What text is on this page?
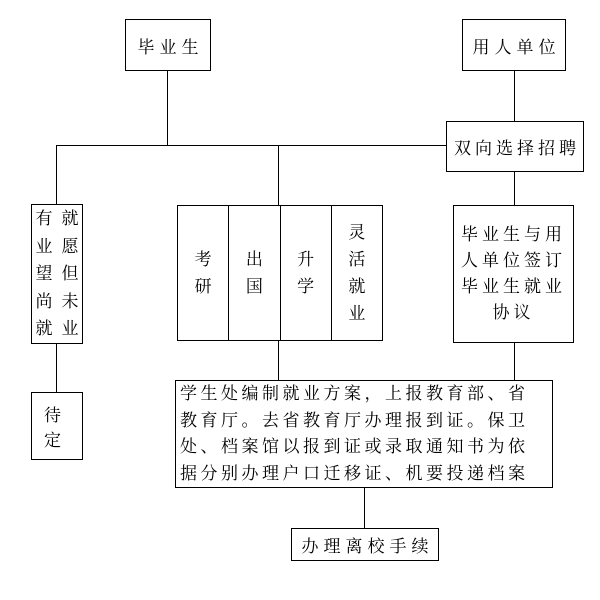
毕业生	用人单位
双向选择招聘
有就
业愿
望但
尚未
就业
考研
出国
升学
灵活就业
毕业生与用
人单位签订
毕业生就业
协议
待定
学生处编制就业方案，上报教育部、省
教育厅。去省教育厅办理报到证。保卫
处、档案馆以报到证或录取通知书为依
据分别办理户口迁移证、机要投递档案
办理离校手续
